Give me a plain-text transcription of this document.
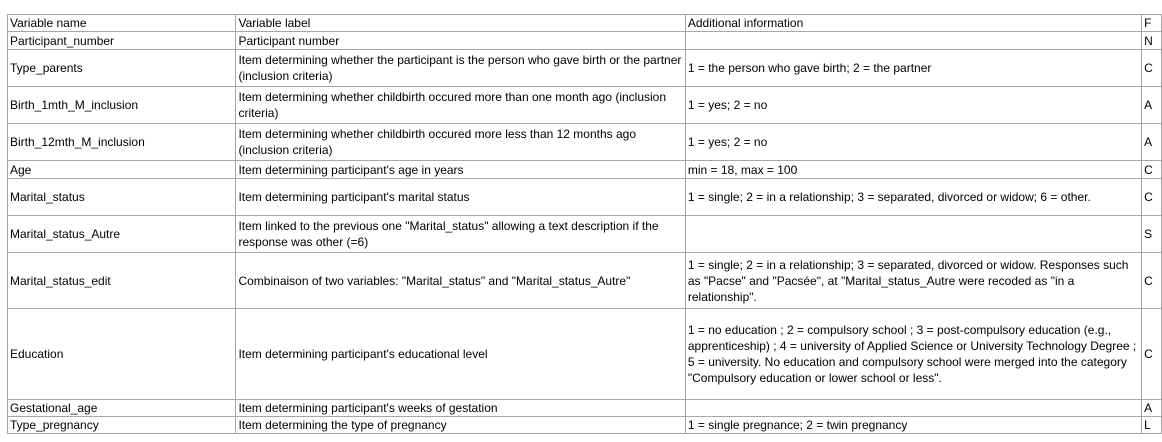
Variable name	Variable label	Additional information	F
Participant_number	Participant number		N
Type_parents	Item determining whether the participant is the person who gave birth or the partner (inclusion criteria)	1 = the person who gave birth; 2 = the partner	C
Birth_1mth_M_inclusion	Item determining whether childbirth occured more than one month ago (inclusion criteria)	1 = yes; 2 = no	A
Birth_12mth_M_inclusion	Item determining whether childbirth occured more less than 12 months ago (inclusion criteria)	1 = yes; 2 = no	A
Age	Item determining participant's age in years	min = 18, max = 100	C
Marital_status	Item determining participant's marital status	1 = single; 2 = in a relationship; 3 = separated, divorced or widow; 6 = other.	C
Marital_status_Autre	Item linked to the previous one "Marital_status" allowing a text description if the response was other (=6)		S
Marital_status_edit	Combinaison of two variables: "Marital_status" and "Marital_status_Autre"	1 = single; 2 = in a relationship; 3 = separated, divorced or widow. Responses such as "Pacse" and "Pacsée", at "Marital_status_Autre were recoded as "in a relationship".	C
Education	Item determining participant's educational level	1 = no education ; 2 = compulsory school ; 3 = post-compulsory education (e.g., apprenticeship) ; 4 = university of Applied Science or University Technology Degree ; 5 = university. No education and compulsory school were merged into the category "Compulsory education or lower school or less".	C
Gestational_age	Item determining participant's weeks of gestation		A
Type_pregnancy	Item determining the type of pregnancy	1 = single pregnance; 2 = twin pregnancy	L
